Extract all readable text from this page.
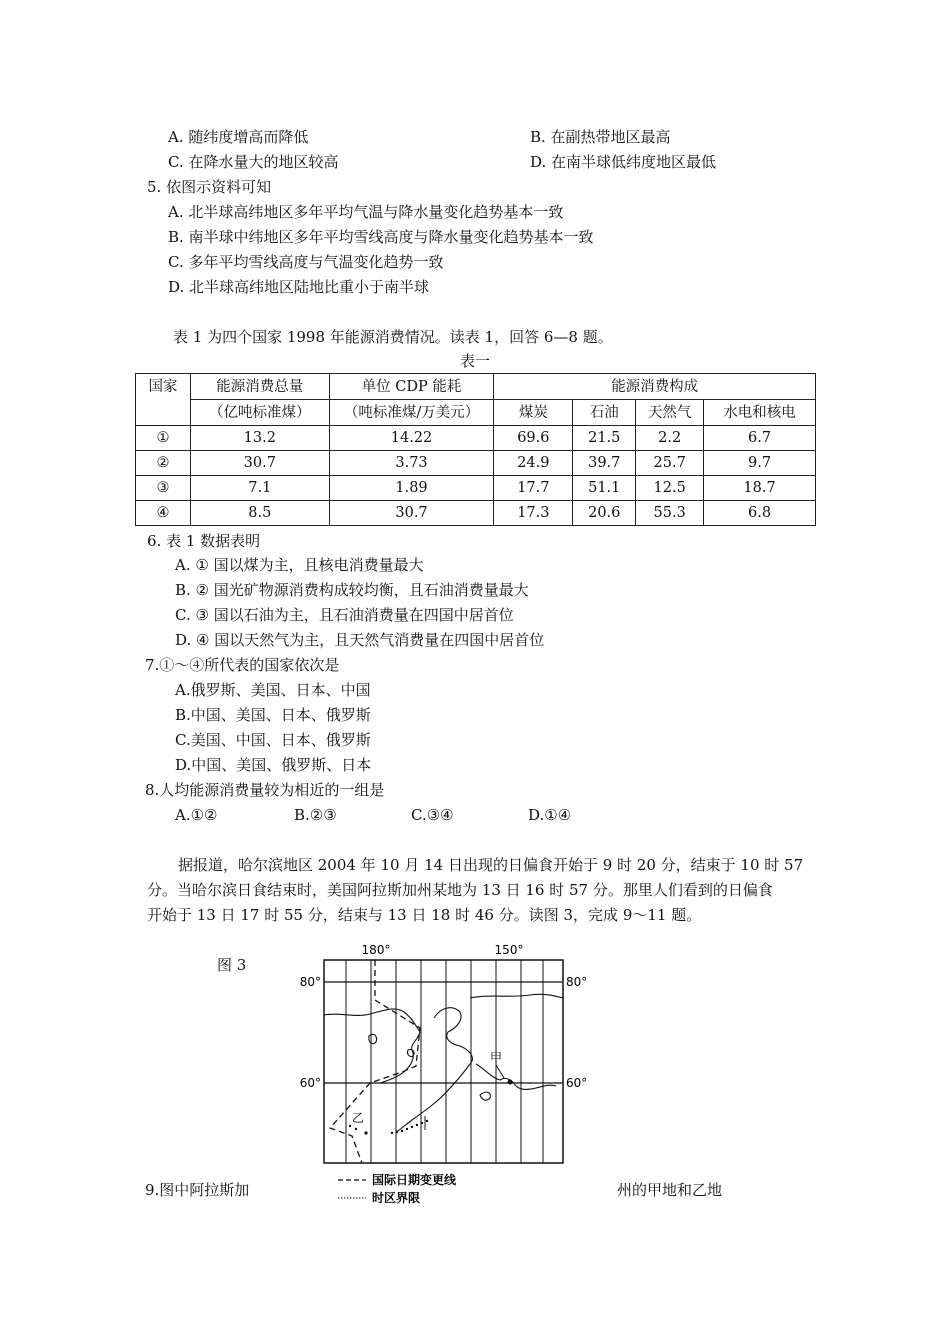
A. 随纬度增高而降低	B. 在副热带地区最高
C. 在降水量大的地区较高	D. 在南半球低纬度地区最低
5. 依图示资料可知
A. 北半球高纬地区多年平均气温与降水量变化趋势基本一致
B. 南半球中纬地区多年平均雪线高度与降水量变化趋势基本一致
C. 多年平均雪线高度与气温变化趋势一致
D. 北半球高纬地区陆地比重小于南半球
表 1 为四个国家 1998 年能源消费情况。读表 1，回答 6—8 题。
表一
国家	能源消费总量	单位 CDP 能耗	能源消费构成			
	（亿吨标准煤）	（吨标准煤/万美元）	煤炭	石油	天然气	水电和核电
①	13.2	14.22	69.6	21.5	2.2	6.7
②	30.7	3.73	24.9	39.7	25.7	9.7
③	7.1	1.89	17.7	51.1	12.5	18.7
④	8.5	30.7	17.3	20.6	55.3	6.8
6. 表 1 数据表明
A. ① 国以煤为主，且核电消费量最大
B. ② 国光矿物源消费构成较均衡，且石油消费量最大
C. ③ 国以石油为主，且石油消费量在四国中居首位
D. ④ 国以天然气为主，且天然气消费量在四国中居首位
7.①～④所代表的国家依次是
A.俄罗斯、美国、日本、中国
B.中国、美国、日本、俄罗斯
C.美国、中国、日本、俄罗斯
D.中国、美国、俄罗斯、日本
8.人均能源消费量较为相近的一组是
A.①②	B.②③	C.③④	D.①④
据报道，哈尔滨地区 2004 年 10 月 14 日出现的日偏食开始于 9 时 20 分，结束于 10 时 57
分。当哈尔滨日食结束时，美国阿拉斯加州某地为 13 日 16 时 57 分。那里人们看到的日偏食
开始于 13 日 17 时 55 分，结束与 13 日 18 时 46 分。读图 3，完成 9～11 题。
图 3
180°	150°
80°	80°
60°	60°
甲
乙
国际日期变更线
时区界限
9.图中阿拉斯加	州的甲地和乙地
